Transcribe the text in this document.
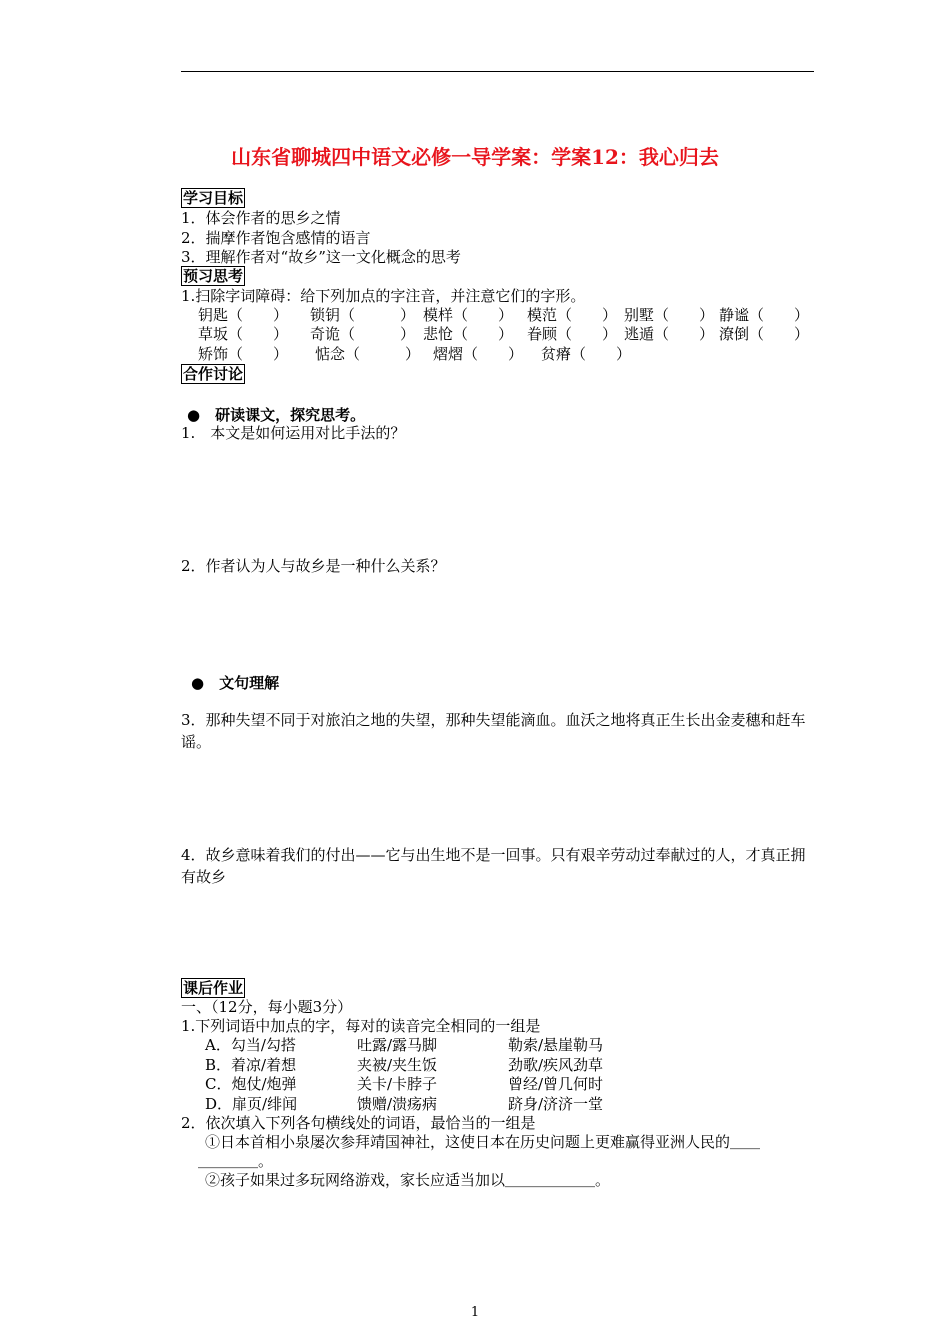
山东省聊城四中语文必修一导学案：学案12：我心归去
学习目标
1．体会作者的思乡之情
2．揣摩作者饱含感情的语言
3．理解作者对“故乡”这一文化概念的思考
预习思考
1.扫除字词障碍：给下列加点的字注音，并注意它们的字形。
钥匙（　　） 锁钥（　　　） 模样（　　） 模范（　　） 别墅（　　） 静谧（　　）
草坂（　　） 奇诡（　　　） 悲怆（　　） 眷顾（　　） 逃遁（　　） 潦倒（　　）
矫饰（　　） 惦念（　　　） 熠熠（　　） 贫瘠（　　）
合作讨论
●　研读课文，探究思考。
1.　本文是如何运用对比手法的？
2．作者认为人与故乡是一种什么关系？
●　文句理解
3．那种失望不同于对旅泊之地的失望，那种失望能滴血。血沃之地将真正生长出金麦穗和赶车谣。
4．故乡意味着我们的付出——它与出生地不是一回事。只有艰辛劳动过奉献过的人，才真正拥有故乡
课后作业
一、（12分，每小题3分）
1.下列词语中加点的字，每对的读音完全相同的一组是
A．勾当/勾搭	吐露/露马脚	勒索/悬崖勒马
B．着凉/着想	夹被/夹生饭	劲歌/疾风劲草
C．炮仗/炮弹	关卡/卡脖子	曾经/曾几何时
D．扉页/绯闻	馈赠/溃疡病	跻身/济济一堂
2．依次填入下列各句横线处的词语，最恰当的一组是
①日本首相小泉屡次参拜靖国神社，这使日本在历史问题上更难赢得亚洲人民的＿＿
＿＿＿＿。
②孩子如果过多玩网络游戏，家长应适当加以＿＿＿＿＿＿。
1
